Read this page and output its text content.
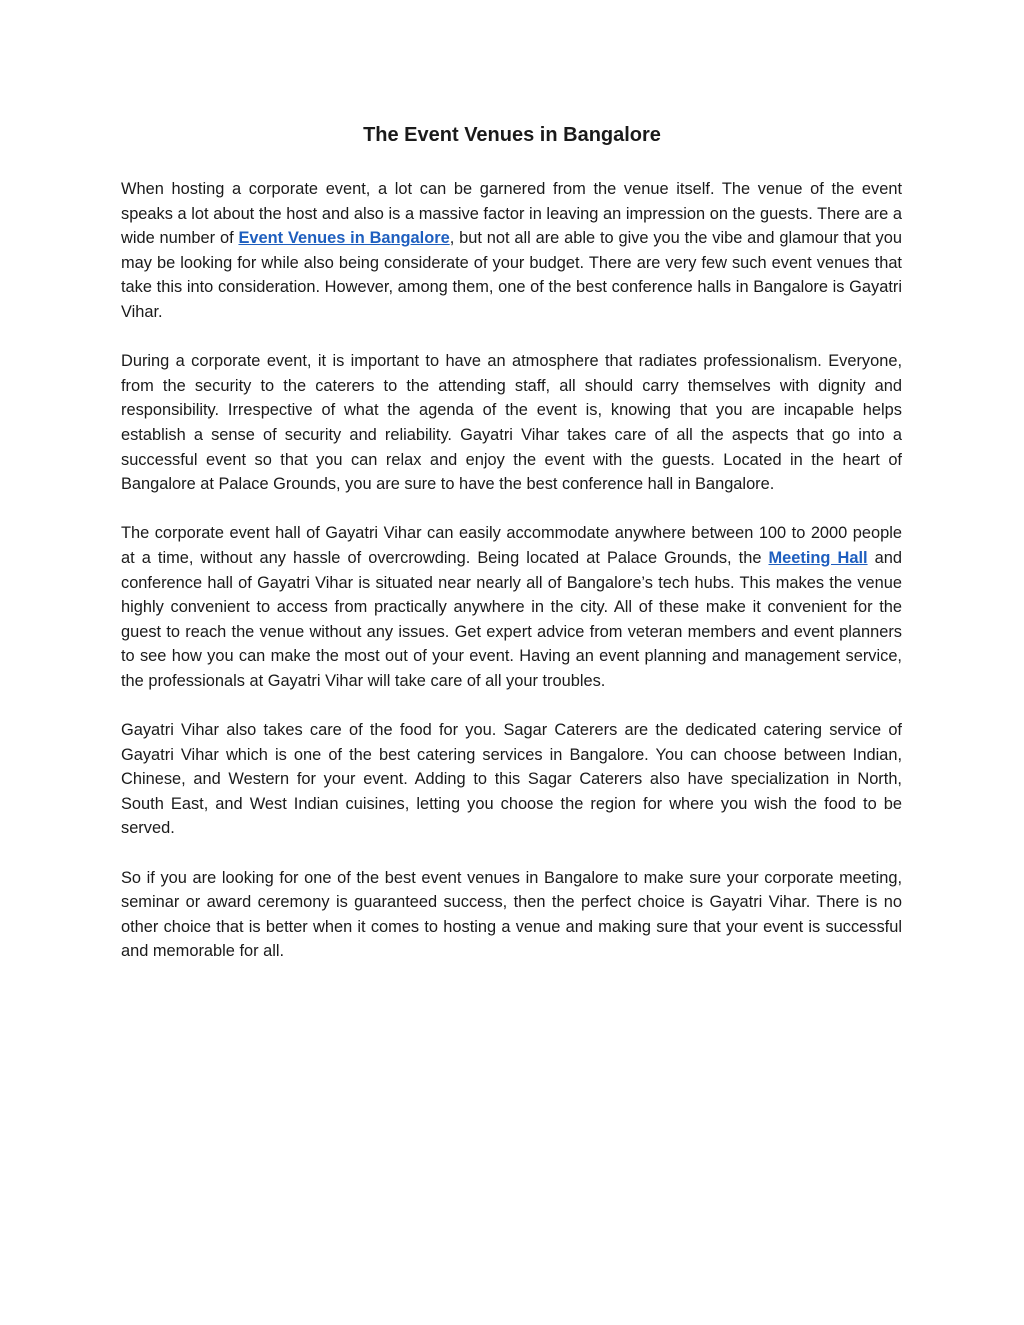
The Event Venues in Bangalore

When hosting a corporate event, a lot can be garnered from the venue itself. The venue of the event speaks a lot about the host and also is a massive factor in leaving an impression on the guests. There are a wide number of Event Venues in Bangalore, but not all are able to give you the vibe and glamour that you may be looking for while also being considerate of your budget. There are very few such event venues that take this into consideration. However, among them, one of the best conference halls in Bangalore is Gayatri Vihar.

During a corporate event, it is important to have an atmosphere that radiates professionalism. Everyone, from the security to the caterers to the attending staff, all should carry themselves with dignity and responsibility. Irrespective of what the agenda of the event is, knowing that you are incapable helps establish a sense of security and reliability. Gayatri Vihar takes care of all the aspects that go into a successful event so that you can relax and enjoy the event with the guests. Located in the heart of Bangalore at Palace Grounds, you are sure to have the best conference hall in Bangalore.

The corporate event hall of Gayatri Vihar can easily accommodate anywhere between 100 to 2000 people at a time, without any hassle of overcrowding. Being located at Palace Grounds, the Meeting Hall and conference hall of Gayatri Vihar is situated near nearly all of Bangalore’s tech hubs. This makes the venue highly convenient to access from practically anywhere in the city. All of these make it convenient for the guest to reach the venue without any issues. Get expert advice from veteran members and event planners to see how you can make the most out of your event. Having an event planning and management service, the professionals at Gayatri Vihar will take care of all your troubles.

Gayatri Vihar also takes care of the food for you. Sagar Caterers are the dedicated catering service of Gayatri Vihar which is one of the best catering services in Bangalore. You can choose between Indian, Chinese, and Western for your event. Adding to this Sagar Caterers also have specialization in North, South East, and West Indian cuisines, letting you choose the region for where you wish the food to be served.

So if you are looking for one of the best event venues in Bangalore to make sure your corporate meeting, seminar or award ceremony is guaranteed success, then the perfect choice is Gayatri Vihar. There is no other choice that is better when it comes to hosting a venue and making sure that your event is successful and memorable for all.
